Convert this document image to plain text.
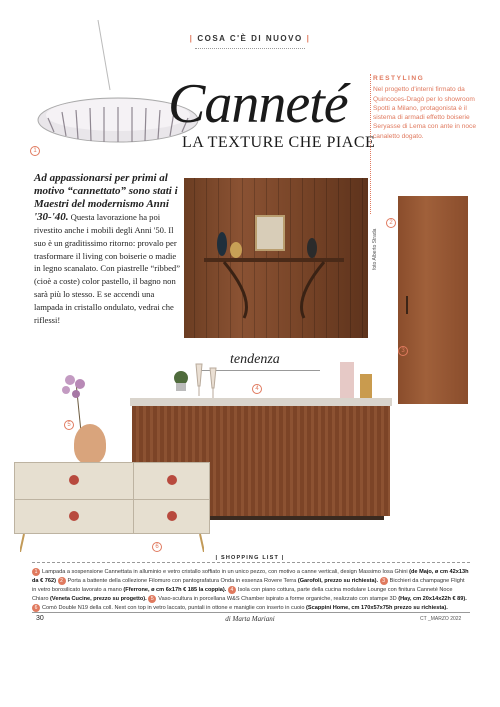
| COSA C'È DI NUOVO |
1
Canneté
LA TEXTURE CHE PIACE
RESTYLING
Nel progetto d'interni firmato da Quincoces-Dragò per lo showroom Spotti a Milano, protagonista è il sistema di armadi effetto boiserie Seryasse di Lema con ante in noce canaletto dogato.
Ad appassionarsi per primi al motivo “cannettato” sono stati i Maestri del modernismo Anni '30-'40. Questa lavorazione ha poi rivestito anche i mobili degli Anni '50. Il suo è un graditissimo ritorno: provalo per trasformare il living con boiserie o madie in legno scanalato. Con piastrelle “ribbed” (cioè a coste) color pastello, il bagno non sarà più lo stesso. E se accendi una lampada in cristallo ondulato, vedrai che riflessi!
foto Alberto Strada
2
tendenza
3
4
5
6
| SHOPPING LIST |
1 Lampada a sospensione Cannettata in alluminio e vetro cristallo soffiato in un unico pezzo, con motivo a canne verticali, design Massimo Iosa Ghini (de Majo, ø cm 42x13h da € 762) 2 Porta a battente della collezione Filomuro con pantografatura Onda in essenza Rovere Terra (Garofoli, prezzo su richiesta). 3 Bicchieri da champagne Flight in vetro borosilicato lavorato a mano (Fferrone, ø cm 6x17h € 185 la coppia). 4 Isola con piano cottura, parte della cucina modulare Lounge con finitura Canneté Noce Chiaro (Veneta Cucine, prezzo su progetto). 5 Vaso-scultura in porcellana W&S Chamber ispirato a forme organiche, realizzato con stampe 3D (Hay, cm 20x14x22h € 89). 6 Comò Double N19 della coll. Next con top in vetro laccato, puntali in ottone e maniglie con inserto in cuoio (Scappini Home, cm 170x57x75h prezzo su richiesta).
30	di Marta Mariani	CT _MARZO 2022
